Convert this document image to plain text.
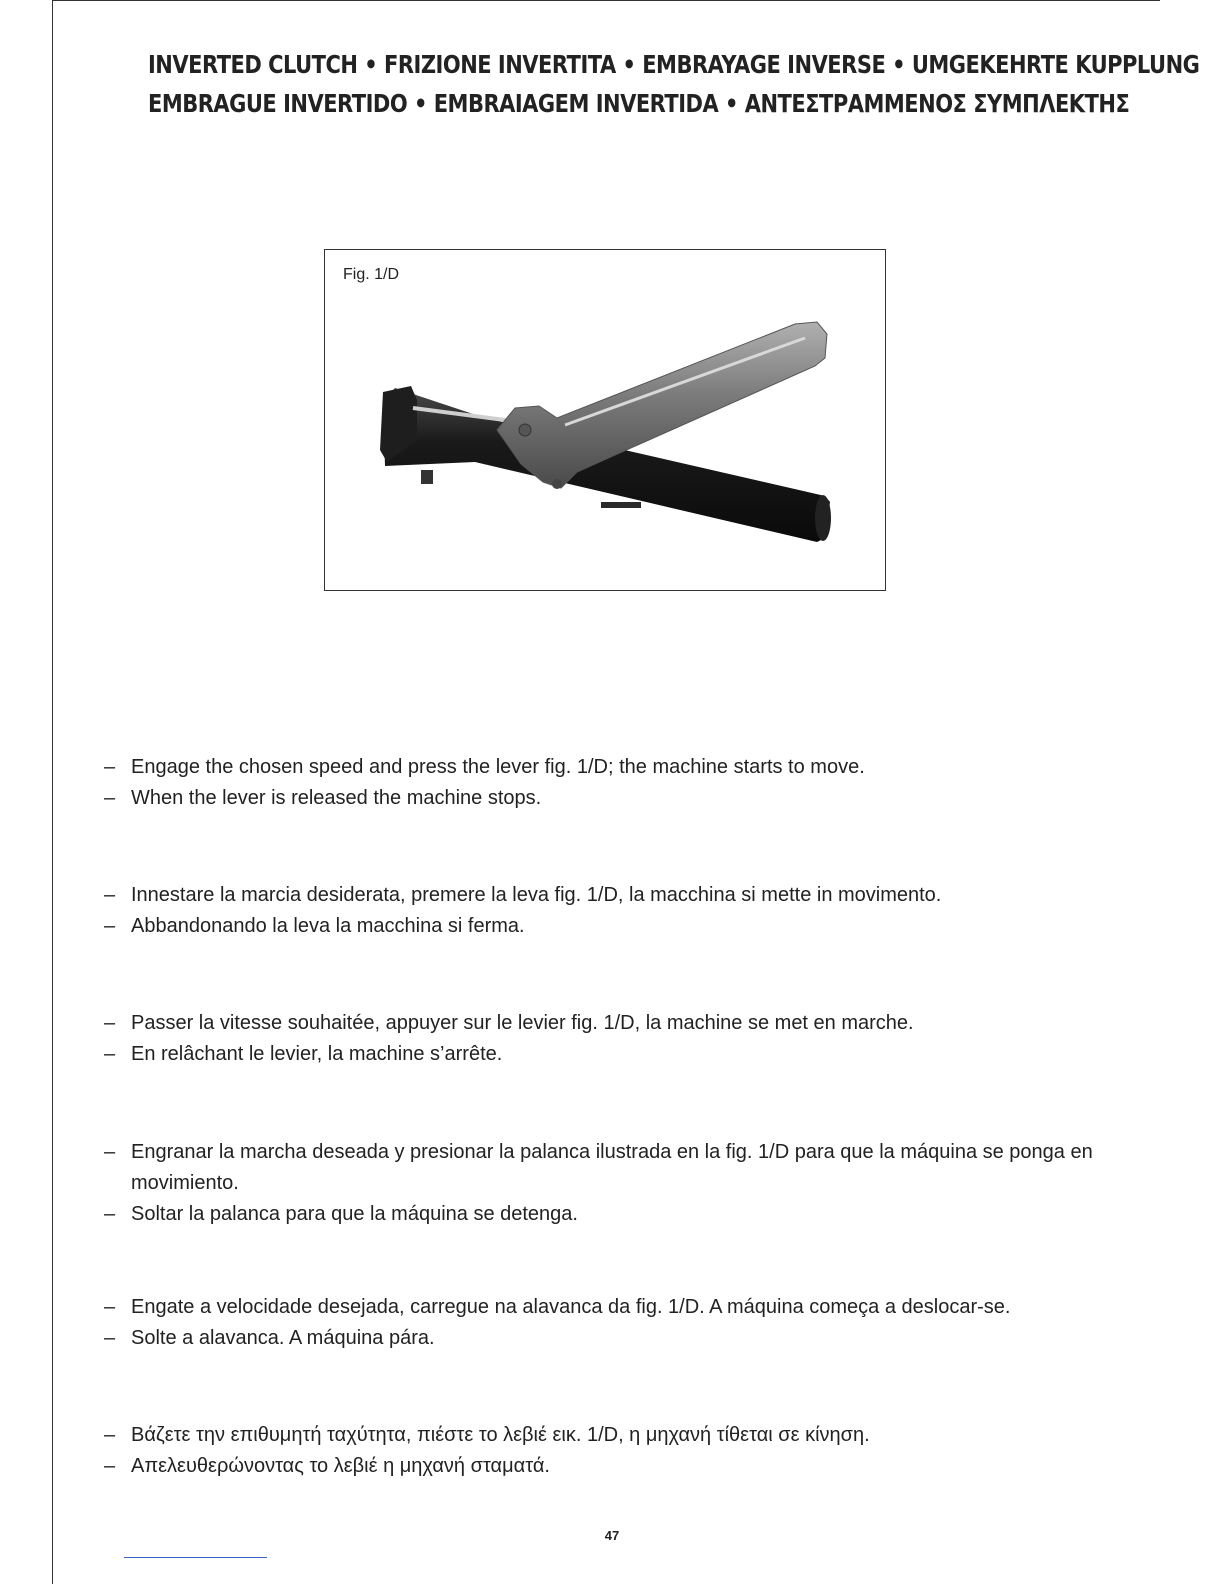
INVERTED CLUTCH • FRIZIONE INVERTITA • EMBRAYAGE INVERSE • UMGEKEHRTE KUPPLUNG
EMBRAGUE INVERTIDO • EMBRAIAGEM INVERTIDA • ΑΝΤΕΣΤΡΑΜΜΕΝΟΣ ΣΥΜΠΛΕΚΤΗΣ
Fig. 1/D
– Engage the chosen speed and press the lever fig. 1/D; the machine starts to move.
– When the lever is released the machine stops.
– Innestare la marcia desiderata, premere la leva fig. 1/D, la macchina si mette in movimento.
– Abbandonando la leva la macchina si ferma.
– Passer la vitesse souhaitée, appuyer sur le levier fig. 1/D, la machine se met en marche.
– En relâchant le levier, la machine s’arrête.
– Engranar la marcha deseada y presionar la palanca ilustrada en la fig. 1/D para que la máquina se ponga en movimiento.
– Soltar la palanca para que la máquina se detenga.
– Engate a velocidade desejada, carregue na alavanca da fig. 1/D. A máquina começa a deslocar-se.
– Solte a alavanca. A máquina pára.
– Βάζετε την επιθυμητή ταχύτητα, πιέστε το λεβιέ εικ. 1/D, η μηχανή τίθεται σε κίνηση.
– Απελευθερώνοντας το λεβιέ η μηχανή σταματά.
47
